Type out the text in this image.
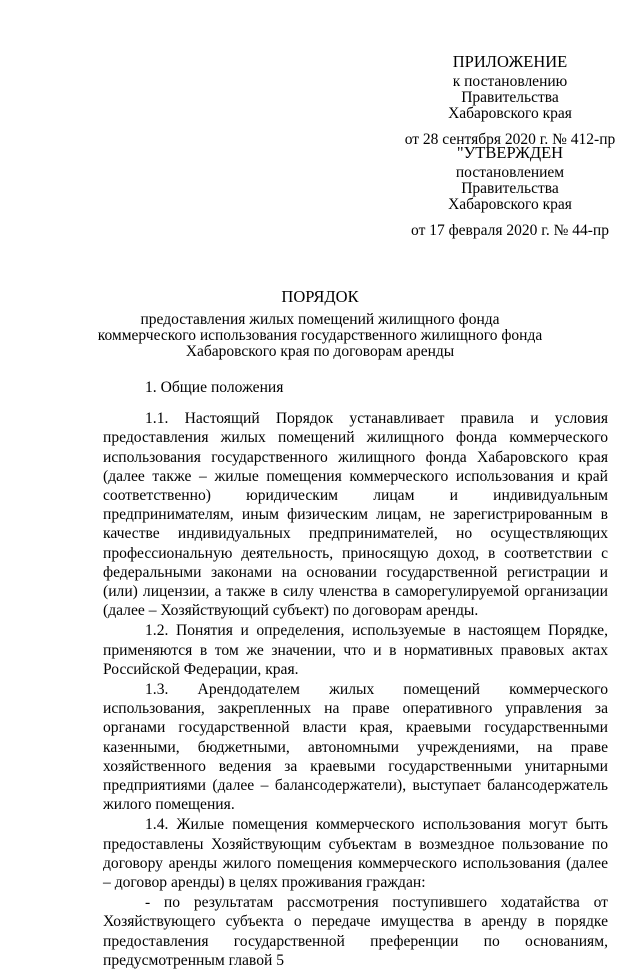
ПРИЛОЖЕНИЕ
к постановлению
Правительства
Хабаровского края
от 28 сентября 2020 г. № 412-пр
"УТВЕРЖДЕН
постановлением
Правительства
Хабаровского края
от 17 февраля 2020 г. № 44-пр
ПОРЯДОК
предоставления жилых помещений жилищного фонда
коммерческого использования государственного жилищного фонда
Хабаровского края по договорам аренды
1. Общие положения

1.1. Настоящий Порядок устанавливает правила и условия предоставления жилых помещений жилищного фонда коммерческого использования государственного жилищного фонда Хабаровского края (далее также – жилые помещения коммерческого использования и край соответственно) юридическим лицам и индивидуальным предпринимателям, иным физическим лицам, не зарегистрированным в качестве индивидуальных предпринимателей, но осуществляющих профессиональную деятельность, приносящую доход, в соответствии с федеральными законами на основании государственной регистрации и (или) лицензии, а также в силу членства в саморегулируемой организации (далее – Хозяйствующий субъект) по договорам аренды.

1.2. Понятия и определения, используемые в настоящем Порядке, применяются в том же значении, что и в нормативных правовых актах Российской Федерации, края.

1.3. Арендодателем жилых помещений коммерческого использования, закрепленных на праве оперативного управления за органами государственной власти края, краевыми государственными казенными, бюджетными, автономными учреждениями, на праве хозяйственного ведения за краевыми государственными унитарными предприятиями (далее – балансодержатели), выступает балансодержатель жилого помещения.

1.4. Жилые помещения коммерческого использования могут быть предоставлены Хозяйствующим субъектам в возмездное пользование по договору аренды жилого помещения коммерческого использования (далее – договор аренды) в целях проживания граждан:

- по результатам рассмотрения поступившего ходатайства от Хозяйствующего субъекта о передаче имущества в аренду в порядке предоставления государственной преференции по основаниям, предусмотренным главой 5
